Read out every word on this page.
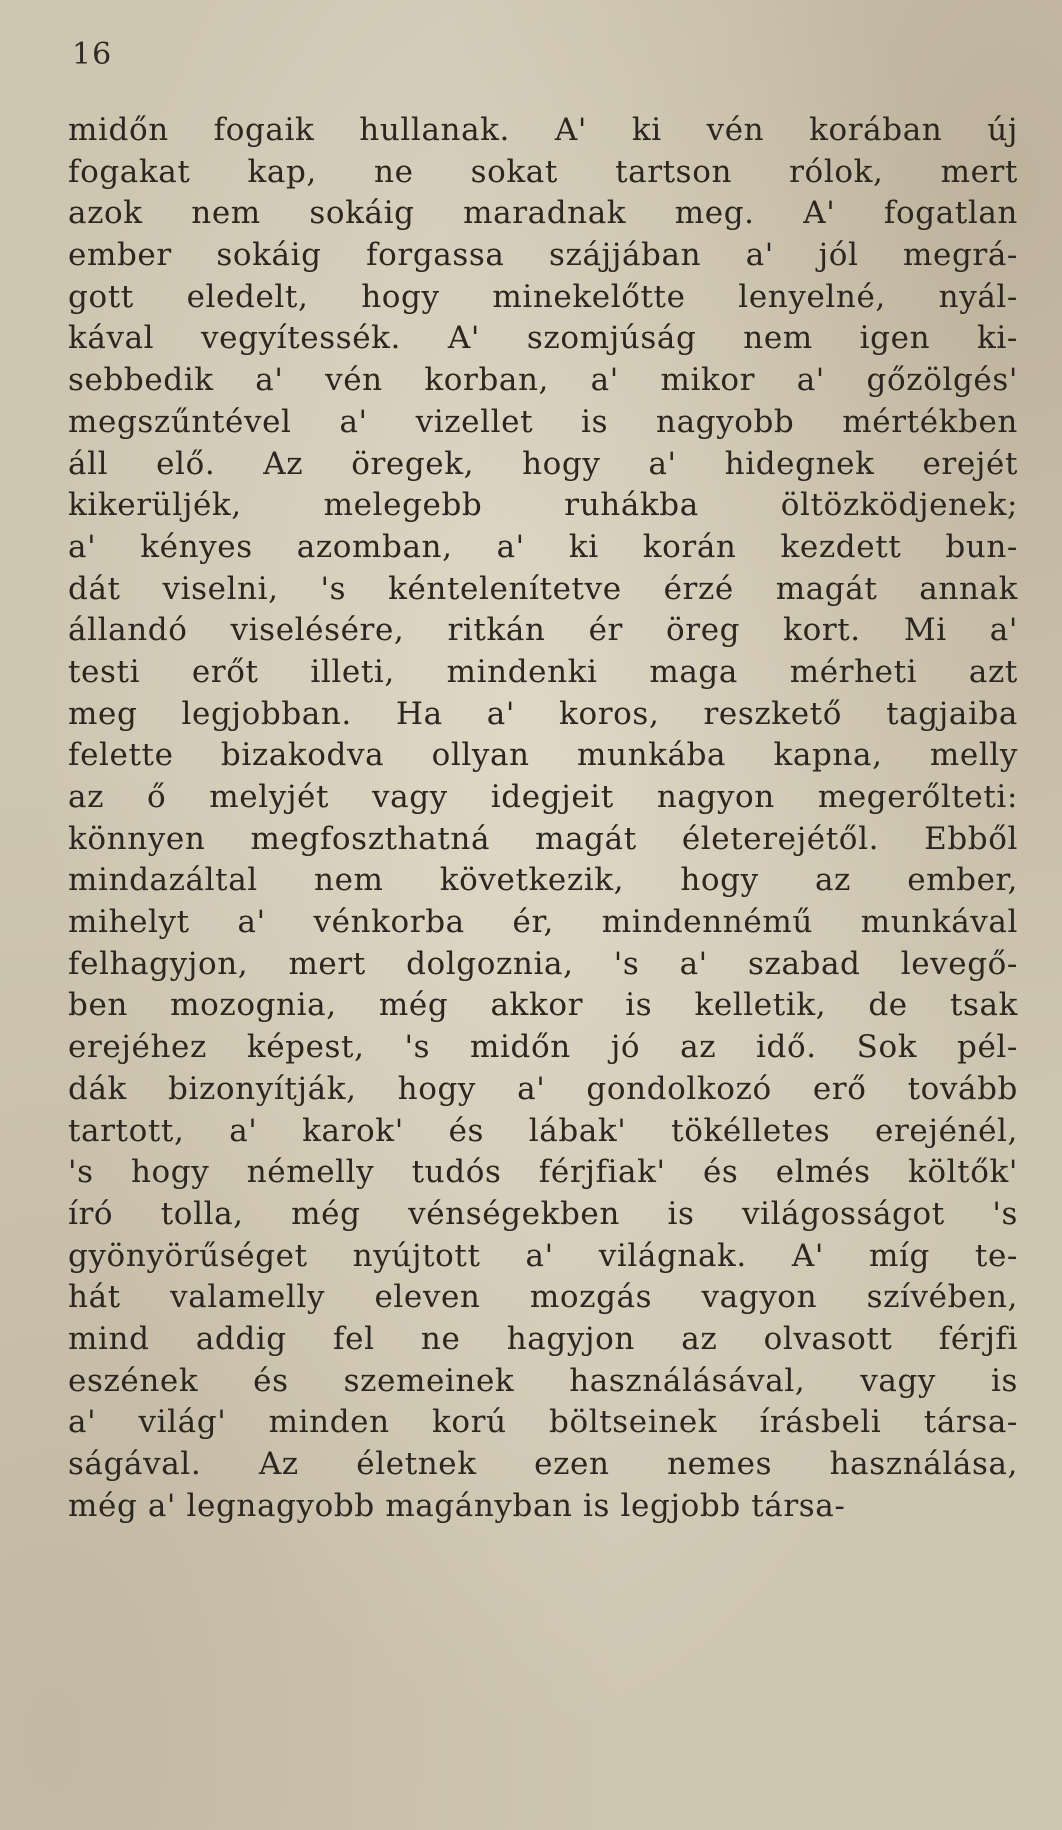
16
midőn fogaik hullanak. A' ki vén korában új
fogakat kap, ne sokat tartson rólok, mert
azok nem sokáig maradnak meg. A' fogatlan
ember sokáig forgassa szájjában a' jól megrá-
gott eledelt, hogy minekelőtte lenyelné, nyál-
kával vegyítessék. A' szomjúság nem igen ki-
sebbedik a' vén korban, a' mikor a' gőzölgés'
megszűntével a' vizellet is nagyobb mértékben
áll elő. Az öregek, hogy a' hidegnek erejét
kikerüljék, melegebb ruhákba öltözködjenek;
a' kényes azomban, a' ki korán kezdett bun-
dát viselni, 's kéntelenítetve érzé magát annak
állandó viselésére, ritkán ér öreg kort. Mi a'
testi erőt illeti, mindenki maga mérheti azt
meg legjobban. Ha a' koros, reszkető tagjaiba
felette bizakodva ollyan munkába kapna, melly
az ő melyjét vagy idegjeit nagyon megerőlteti:
könnyen megfoszthatná magát életerejétől. Ebből
mindazáltal nem következik, hogy az ember,
mihelyt a' vénkorba ér, mindennémű munkával
felhagyjon, mert dolgoznia, 's a' szabad levegő-
ben mozognia, még akkor is kelletik, de tsak
erejéhez képest, 's midőn jó az idő. Sok pél-
dák bizonyítják, hogy a' gondolkozó erő tovább
tartott, a' karok' és lábak' tökélletes erejénél,
's hogy némelly tudós férjfiak' és elmés költők'
író tolla, még vénségekben is világosságot 's
gyönyörűséget nyújtott a' világnak. A' míg te-
hát valamelly eleven mozgás vagyon szívében,
mind addig fel ne hagyjon az olvasott férjfi
eszének és szemeinek használásával, vagy is
a' világ' minden korú böltseinek írásbeli társa-
ságával. Az életnek ezen nemes használása,
még a' legnagyobb magányban is legjobb társa-
